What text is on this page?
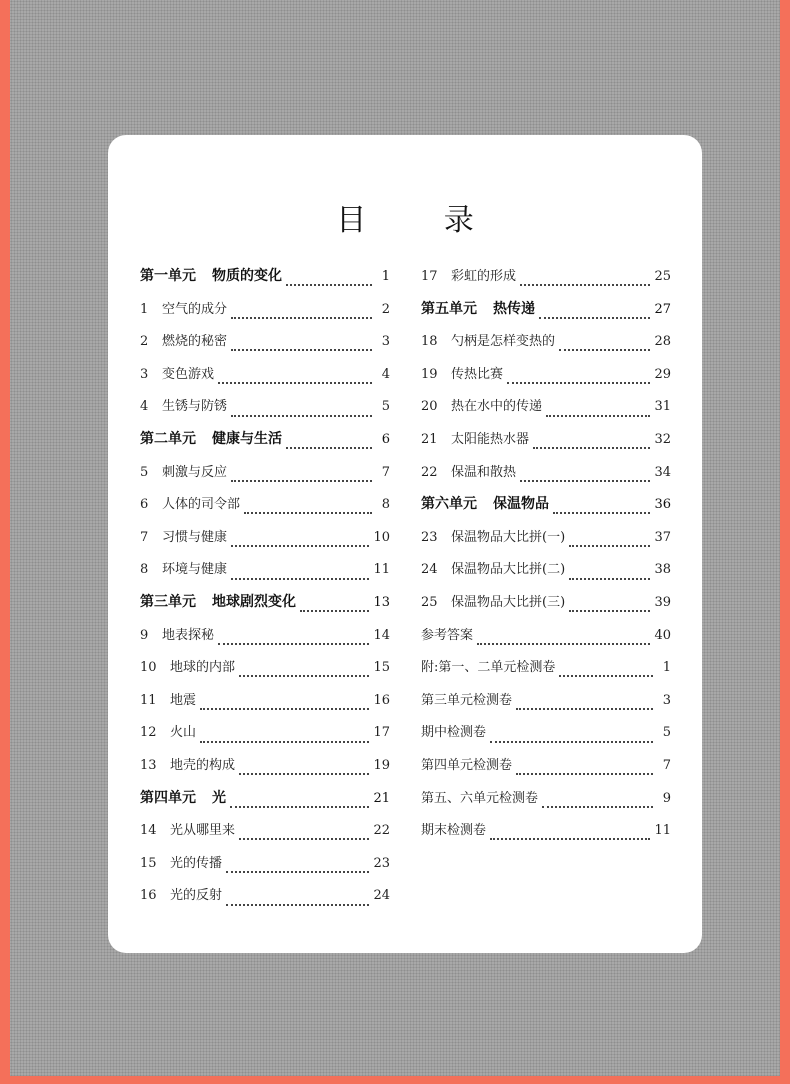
目 录
第一单元 物质的变化	1
1	空气的成分	2
2	燃烧的秘密	3
3	变色游戏	4
4	生锈与防锈	5
第二单元 健康与生活	6
5	刺激与反应	7
6	人体的司令部	8
7	习惯与健康	10
8	环境与健康	11
第三单元 地球剧烈变化	13
9	地表探秘	14
10	地球的内部	15
11	地震	16
12	火山	17
13	地壳的构成	19
第四单元 光	21
14	光从哪里来	22
15	光的传播	23
16	光的反射	24
17	彩虹的形成	25
第五单元 热传递	27
18	勺柄是怎样变热的	28
19	传热比赛	29
20	热在水中的传递	31
21	太阳能热水器	32
22	保温和散热	34
第六单元 保温物品	36
23	保温物品大比拼(一)	37
24	保温物品大比拼(二)	38
25	保温物品大比拼(三)	39
参考答案	40
附:第一、二单元检测卷	1
第三单元检测卷	3
期中检测卷	5
第四单元检测卷	7
第五、六单元检测卷	9
期末检测卷	11
